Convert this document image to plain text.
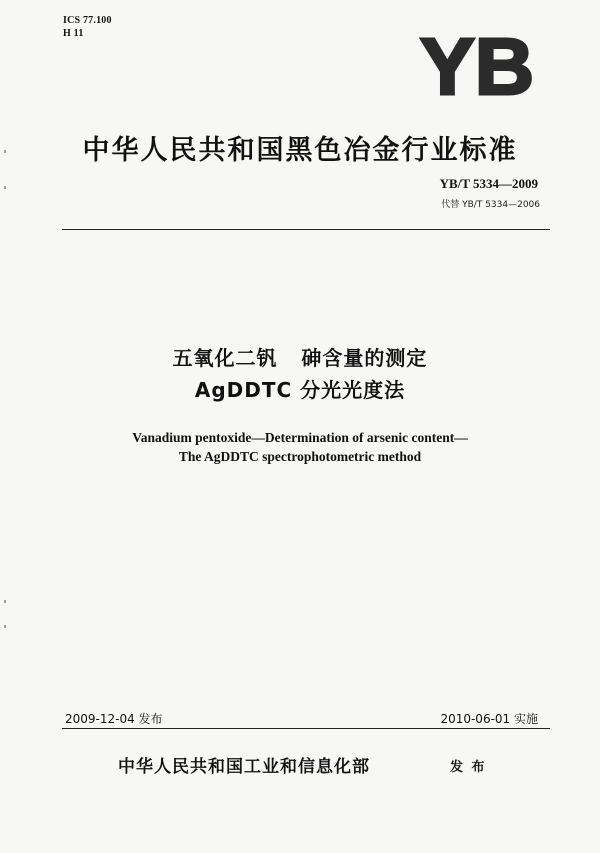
ICS 77.100
H 11	YB
中华人民共和国黑色冶金行业标准
YB/T 5334—2009
代替 YB/T 5334—2006
五氧化二钒   砷含量的测定
AgDDTC 分光光度法
Vanadium pentoxide—Determination of arsenic content—
The AgDDTC spectrophotometric method
2009-12-04 发布	2010-06-01 实施
中华人民共和国工业和信息化部	发 布
